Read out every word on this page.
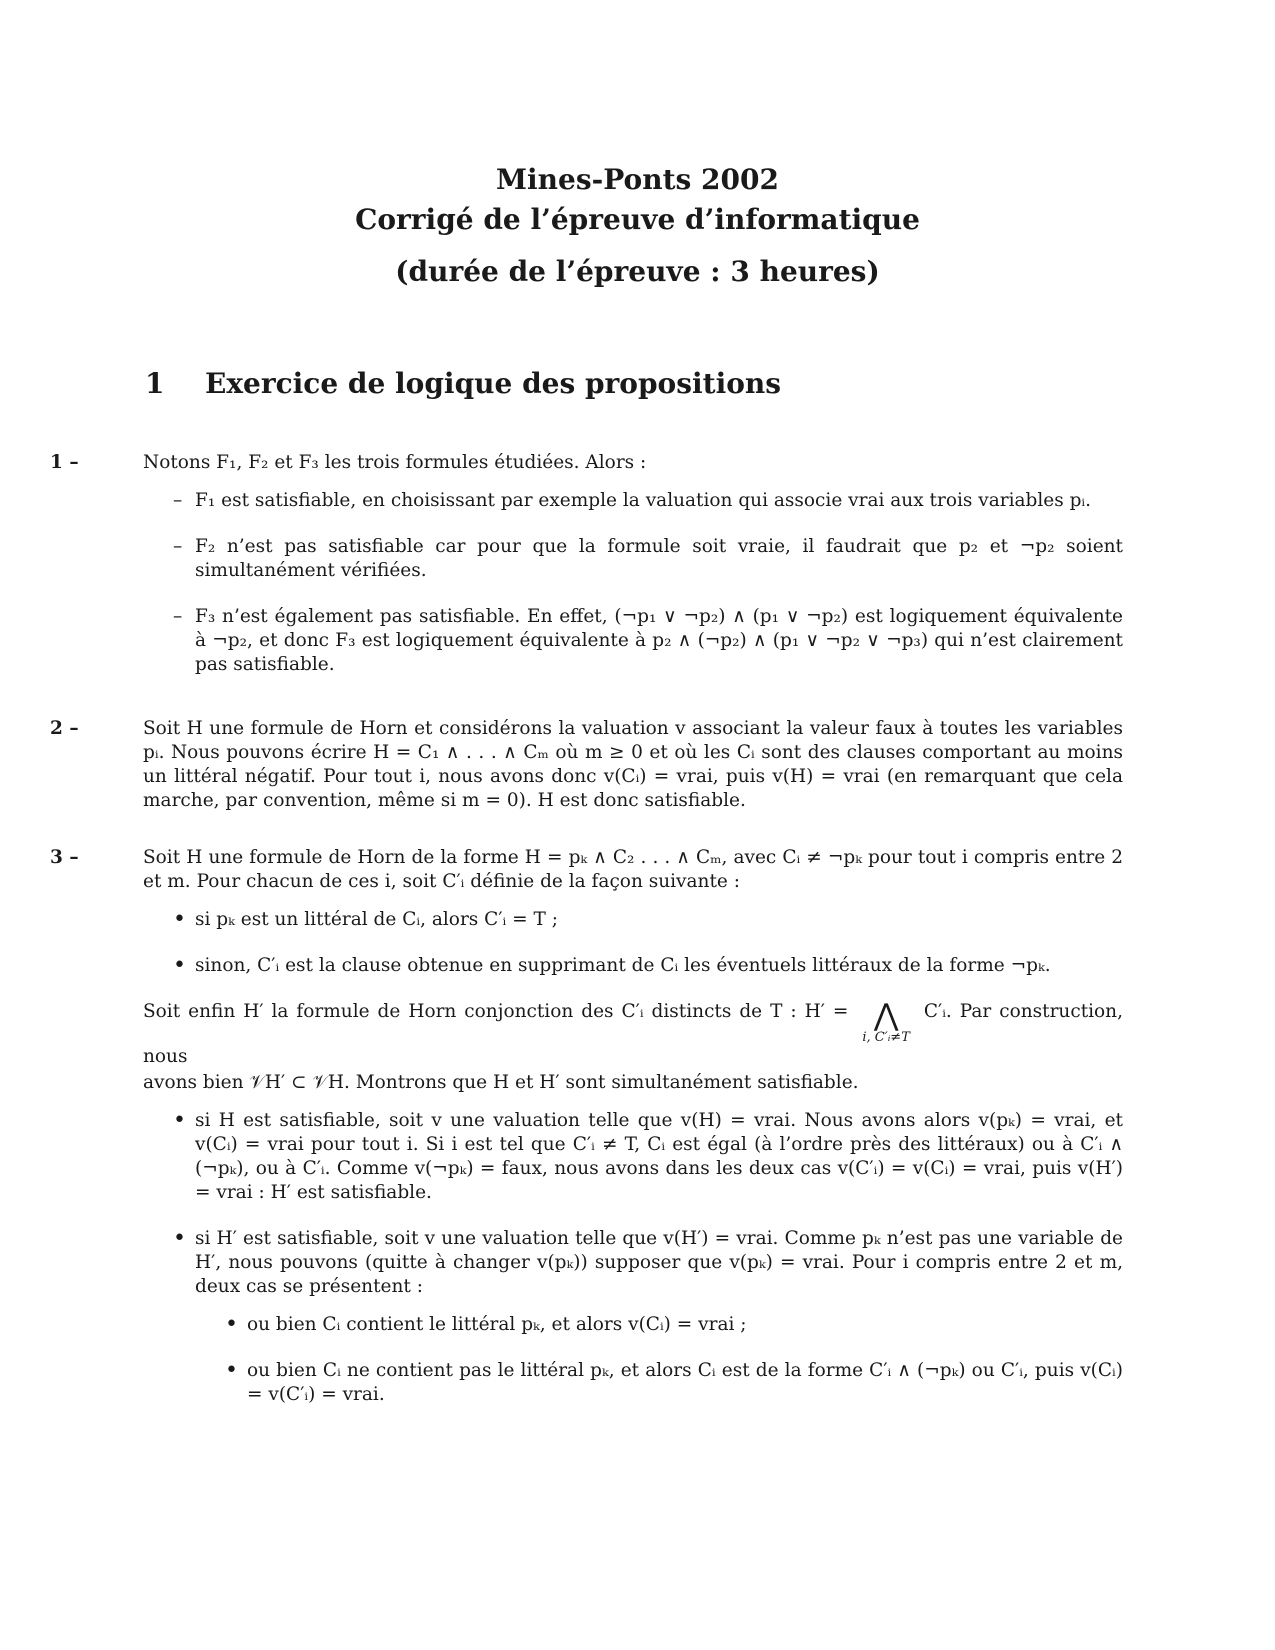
Mines-Ponts 2002
Corrigé de l’épreuve d’informatique
(durée de l’épreuve : 3 heures)
1 Exercice de logique des propositions
1 –	Notons F₁, F₂ et F₃ les trois formules étudiées. Alors :

– F₁ est satisfiable, en choisissant par exemple la valuation qui associe vrai aux trois variables pᵢ.
– F₂ n’est pas satisfiable car pour que la formule soit vraie, il faudrait que p₂ et ¬p₂ soient simultanément vérifiées.
– F₃ n’est également pas satisfiable. En effet, (¬p₁ ∨ ¬p₂) ∧ (p₁ ∨ ¬p₂) est logiquement équivalente à ¬p₂, et donc F₃ est logiquement équivalente à p₂ ∧ (¬p₂) ∧ (p₁ ∨ ¬p₂ ∨ ¬p₃) qui n’est clairement pas satisfiable.
2 –	Soit H une formule de Horn et considérons la valuation v associant la valeur faux à toutes les variables pᵢ. Nous pouvons écrire H = C₁ ∧ . . . ∧ Cₘ où m ≥ 0 et où les Cᵢ sont des clauses comportant au moins un littéral négatif. Pour tout i, nous avons donc v(Cᵢ) = vrai, puis v(H) = vrai (en remarquant que cela marche, par convention, même si m = 0). H est donc satisfiable.

3 –	Soit H une formule de Horn de la forme H = pₖ ∧ C₂ . . . ∧ Cₘ, avec Cᵢ ≠ ¬pₖ pour tout i compris entre 2 et m. Pour chacun de ces i, soit C′ᵢ définie de la façon suivante :

• si pₖ est un littéral de Cᵢ, alors C′ᵢ = T ;
• sinon, C′ᵢ est la clause obtenue en supprimant de Cᵢ les éventuels littéraux de la forme ¬pₖ.

Soit enfin H′ la formule de Horn conjonction des C′ᵢ distincts de T : H′ = ⋀
i, C′ᵢ≠T
C′ᵢ. Par construction, nous

avons bien 𝒱H′ ⊂ 𝒱H. Montrons que H et H′ sont simultanément satisfiable.

• si H est satisfiable, soit v une valuation telle que v(H) = vrai. Nous avons alors v(pₖ) = vrai, et v(Cᵢ) = vrai pour tout i. Si i est tel que C′ᵢ ≠ T, Cᵢ est égal (à l’ordre près des littéraux) ou à C′ᵢ ∧ (¬pₖ), ou à C′ᵢ. Comme v(¬pₖ) = faux, nous avons dans les deux cas v(C′ᵢ) = v(Cᵢ) = vrai, puis v(H′) = vrai : H′ est satisfiable.
• si H′ est satisfiable, soit v une valuation telle que v(H′) = vrai. Comme pₖ n’est pas une variable de H′, nous pouvons (quitte à changer v(pₖ)) supposer que v(pₖ) = vrai. Pour i compris entre 2 et m, deux cas se présentent :
• ou bien Cᵢ contient le littéral pₖ, et alors v(Cᵢ) = vrai ;
• ou bien Cᵢ ne contient pas le littéral pₖ, et alors Cᵢ est de la forme C′ᵢ ∧ (¬pₖ) ou C′ᵢ, puis v(Cᵢ) = v(C′ᵢ) = vrai.
